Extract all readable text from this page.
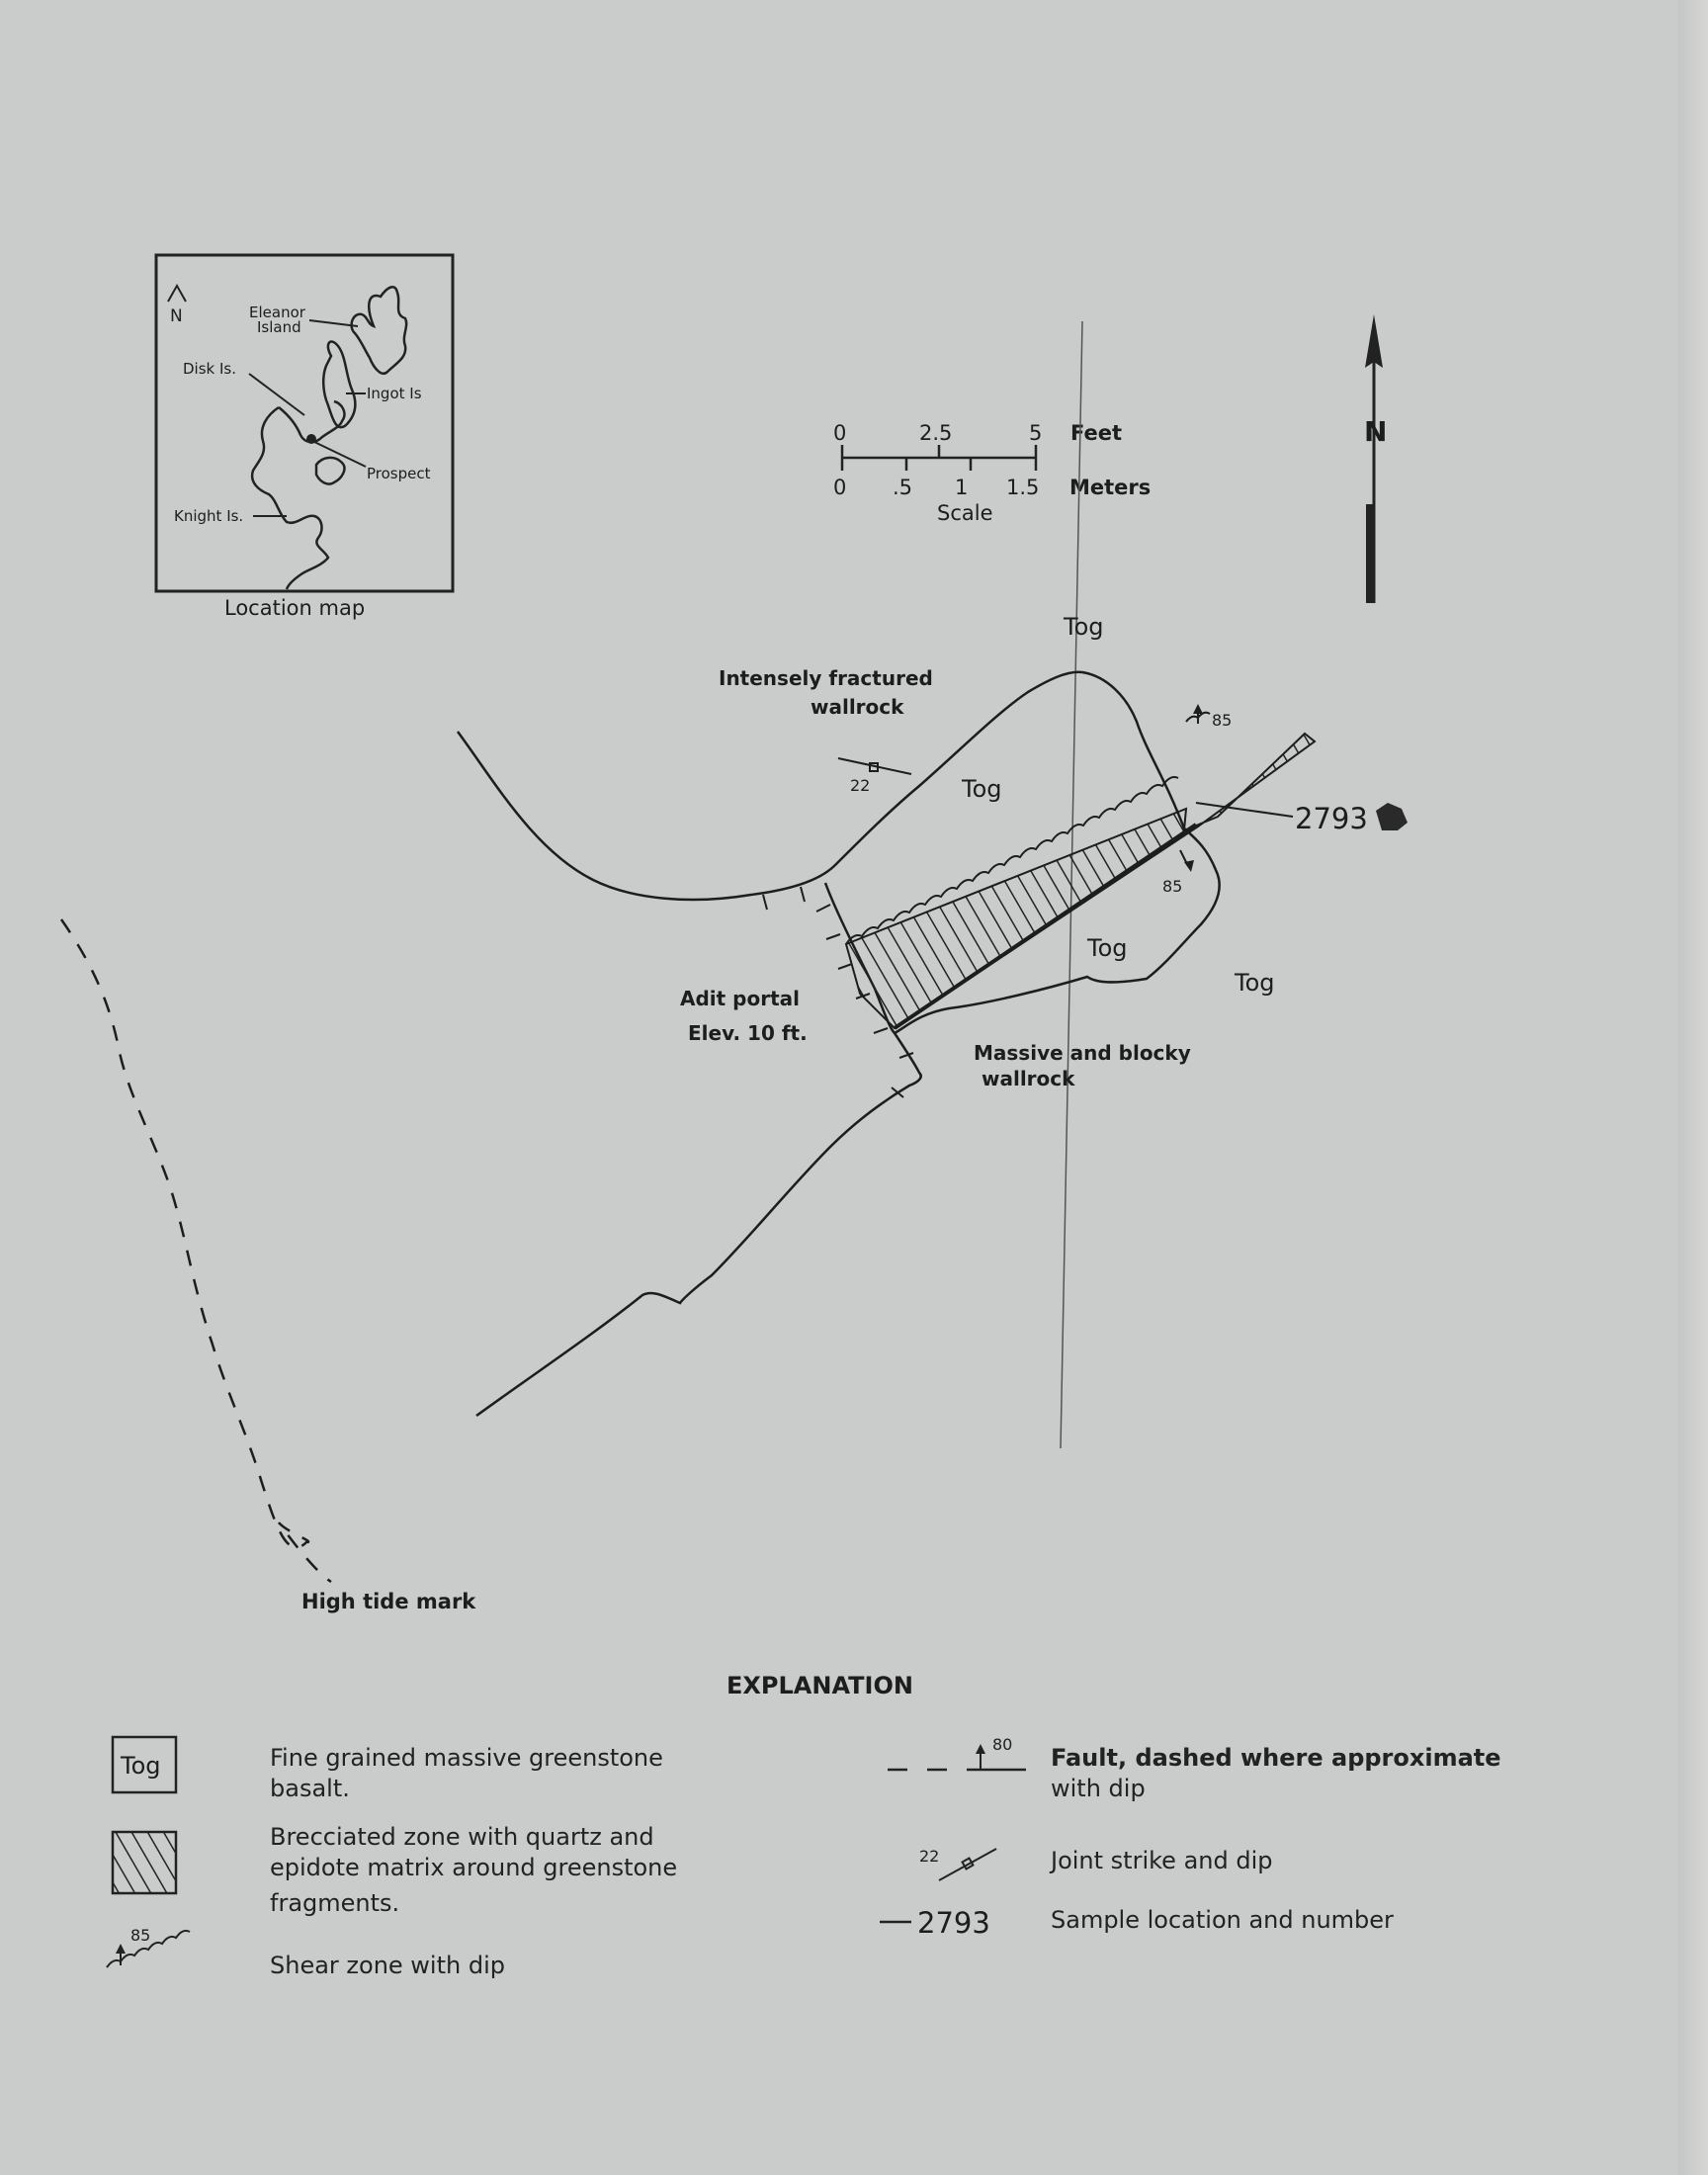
N	Eleanor
Island
Disk Is.
Ingot Is
Prospect
Knight Is.
Location map
0	2.5	5 Feet
0 .5 1 1.5 Meters
Scale
N
85
85
22
2793
Tog
Tog
Tog
Tog
Intensely fractured
wallrock
Adit portal
Elev. 10 ft.
Massive and blocky
wallrock
High tide mark
EXPLANATION
Tog
85
80
22
2793
Fine grained massive greenstone
basalt.
Brecciated zone with quartz and
epidote matrix around greenstone
fragments.
Shear zone with dip
Fault, dashed where approximate
with dip
Joint strike and dip
Sample location and number
